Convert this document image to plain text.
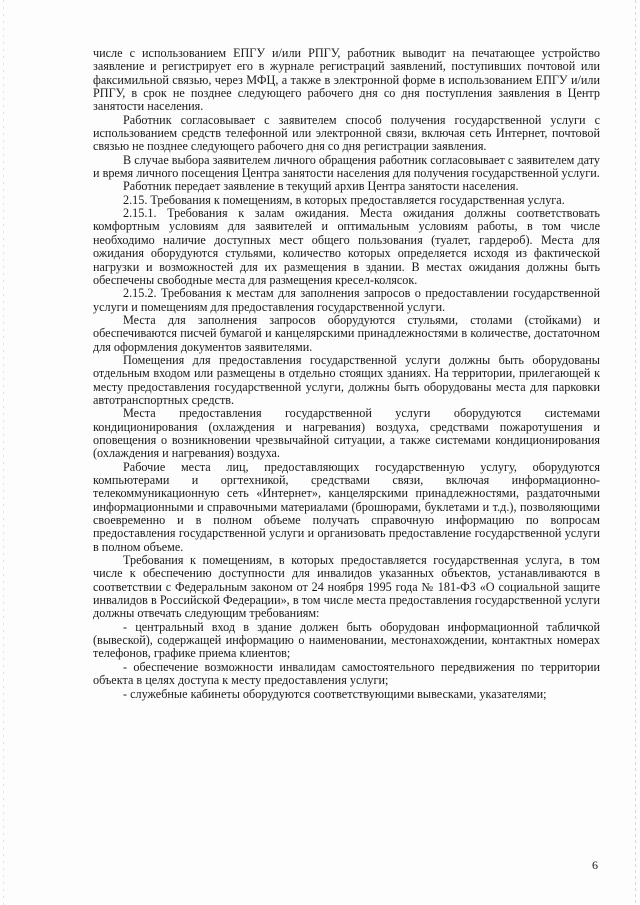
числе с использованием ЕПГУ и/или РПГУ, работник выводит на печатающее устройство заявление и регистрирует его в журнале регистраций заявлений, поступивших почтовой или факсимильной связью, через МФЦ, а также в электронной форме в использованием ЕПГУ и/или РПГУ, в срок не позднее следующего рабочего дня со дня поступления заявления в Центр занятости населения.

Работник согласовывает с заявителем способ получения государственной услуги с использованием средств телефонной или электронной связи, включая сеть Интернет, почтовой связью не позднее следующего рабочего дня со дня регистрации заявления.

В случае выбора заявителем личного обращения работник согласовывает с заявителем дату и время личного посещения Центра занятости населения для получения государственной услуги.

Работник передает заявление в текущий архив Центра занятости населения.

2.15. Требования к помещениям, в которых предоставляется государственная услуга.

2.15.1. Требования к залам ожидания. Места ожидания должны соответствовать комфортным условиям для заявителей и оптимальным условиям работы, в том числе необходимо наличие доступных мест общего пользования (туалет, гардероб). Места для ожидания оборудуются стульями, количество которых определяется исходя из фактической нагрузки и возможностей для их размещения в здании. В местах ожидания должны быть обеспечены свободные места для размещения кресел-колясок.

2.15.2. Требования к местам для заполнения запросов о предоставлении государственной услуги и помещениям для предоставления государственной услуги.

Места для заполнения запросов оборудуются стульями, столами (стойками) и обеспечиваются писчей бумагой и канцелярскими принадлежностями в количестве, достаточном для оформления документов заявителями.

Помещения для предоставления государственной услуги должны быть оборудованы отдельным входом или размещены в отдельно стоящих зданиях. На территории, прилегающей к месту предоставления государственной услуги, должны быть оборудованы места для парковки автотранспортных средств.

Места предоставления государственной услуги оборудуются системами кондиционирования (охлаждения и нагревания) воздуха, средствами пожаротушения и оповещения о возникновении чрезвычайной ситуации, а также системами кондиционирования (охлаждения и нагревания) воздуха.

Рабочие места лиц, предоставляющих государственную услугу, оборудуются компьютерами и оргтехникой, средствами связи, включая информационно-телекоммуникационную сеть «Интернет», канцелярскими принадлежностями, раздаточными информационными и справочными материалами (брошюрами, буклетами и т.д.), позволяющими своевременно и в полном объеме получать справочную информацию по вопросам предоставления государственной услуги и организовать предоставление государственной услуги в полном объеме.

Требования к помещениям, в которых предоставляется государственная услуга, в том числе к обеспечению доступности для инвалидов указанных объектов, устанавливаются в соответствии с Федеральным законом от 24 ноября 1995 года № 181-ФЗ «О социальной защите инвалидов в Российской Федерации», в том числе места предоставления государственной услуги должны отвечать следующим требованиям:

- центральный вход в здание должен быть оборудован информационной табличкой (вывеской), содержащей информацию о наименовании, местонахождении, контактных номерах телефонов, графике приема клиентов;

- обеспечение возможности инвалидам самостоятельного передвижения по территории объекта в целях доступа к месту предоставления услуги;

- служебные кабинеты оборудуются соответствующими вывесками, указателями;

6
